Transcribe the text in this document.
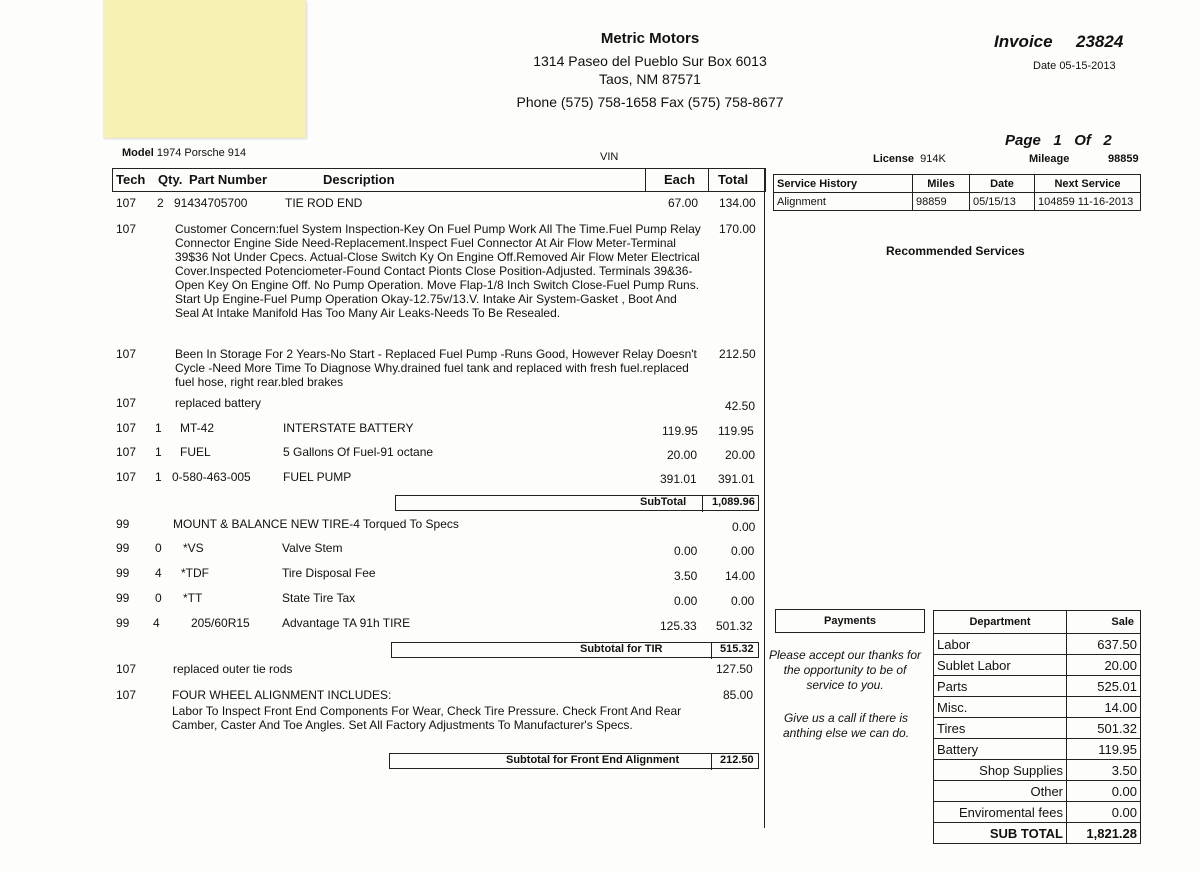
Metric Motors
1314 Paseo del Pueblo Sur Box 6013
Taos, NM 87571
Phone (575) 758-1658 Fax (575) 758-8677
Invoice 23824
Date 05-15-2013
Page 1 Of 2
Model 1974 Porsche 914	VIN	License 914K	Mileage	98859
Tech Qty. Part Number	Description	Each Total
107 2 91434705700	TIE ROD END	67.00 134.00
107	170.00
Customer Concern:fuel System Inspection-Key On Fuel Pump Work All The Time.Fuel Pump Relay Connector Engine Side Need-Replacement.Inspect Fuel Connector At Air Flow Meter-Terminal 39$36 Not Under Cpecs. Actual-Close Switch Ky On Engine Off.Removed Air Flow Meter Electrical Cover.Inspected Potenciometer-Found Contact Pionts Close Position-Adjusted. Terminals 39&36- Open Key On Engine Off. No Pump Operation. Move Flap-1/8 Inch Switch Close-Fuel Pump Runs. Start Up Engine-Fuel Pump Operation Okay-12.75v/13.V. Intake Air System-Gasket , Boot And Seal At Intake Manifold Has Too Many Air Leaks-Needs To Be Resealed.
107	212.50
Been In Storage For 2 Years-No Start - Replaced Fuel Pump -Runs Good, However Relay Doesn't Cycle -Need More Time To Diagnose Why.drained fuel tank and replaced with fresh fuel.replaced fuel hose, right rear.bled brakes
107	replaced battery	42.50
107 1 MT-42	INTERSTATE BATTERY	119.95 119.95
107 1 FUEL	5 Gallons Of Fuel-91 octane	20.00 20.00
107 1 0-580-463-005	FUEL PUMP	391.01 391.01
SubTotal 1,089.96
99	MOUNT & BALANCE NEW TIRE-4 Torqued To Specs	0.00
99 0 *VS	Valve Stem	0.00	0.00
99 4 *TDF	Tire Disposal Fee	3.50 14.00
99 0 *TT	State Tire Tax	0.00	0.00
99 4	205/60R15	Advantage TA 91h TIRE	125.33 501.32
Subtotal for TIR	515.32
107	replaced outer tie rods	127.50
107	FOUR WHEEL ALIGNMENT INCLUDES:	85.00
Labor To Inspect Front End Components For Wear, Check Tire Pressure. Check Front And Rear Camber, Caster And Toe Angles. Set All Factory Adjustments To Manufacturer's Specs.
Subtotal for Front End Alignment	212.50
Service History	Miles	Date	Next Service
Alignment	98859	05/15/13	104859 11-16-2013
Recommended Services
Payments
Please accept our thanks for the opportunity to be of service to you.
Give us a call if there is anthing else we can do.
Department	Sale
Labor	637.50
Sublet Labor	20.00
Parts	525.01
Misc.	14.00
Tires	501.32
Battery	119.95
Shop Supplies	3.50
Other	0.00
Enviromental fees	0.00
SUB TOTAL	1,821.28
